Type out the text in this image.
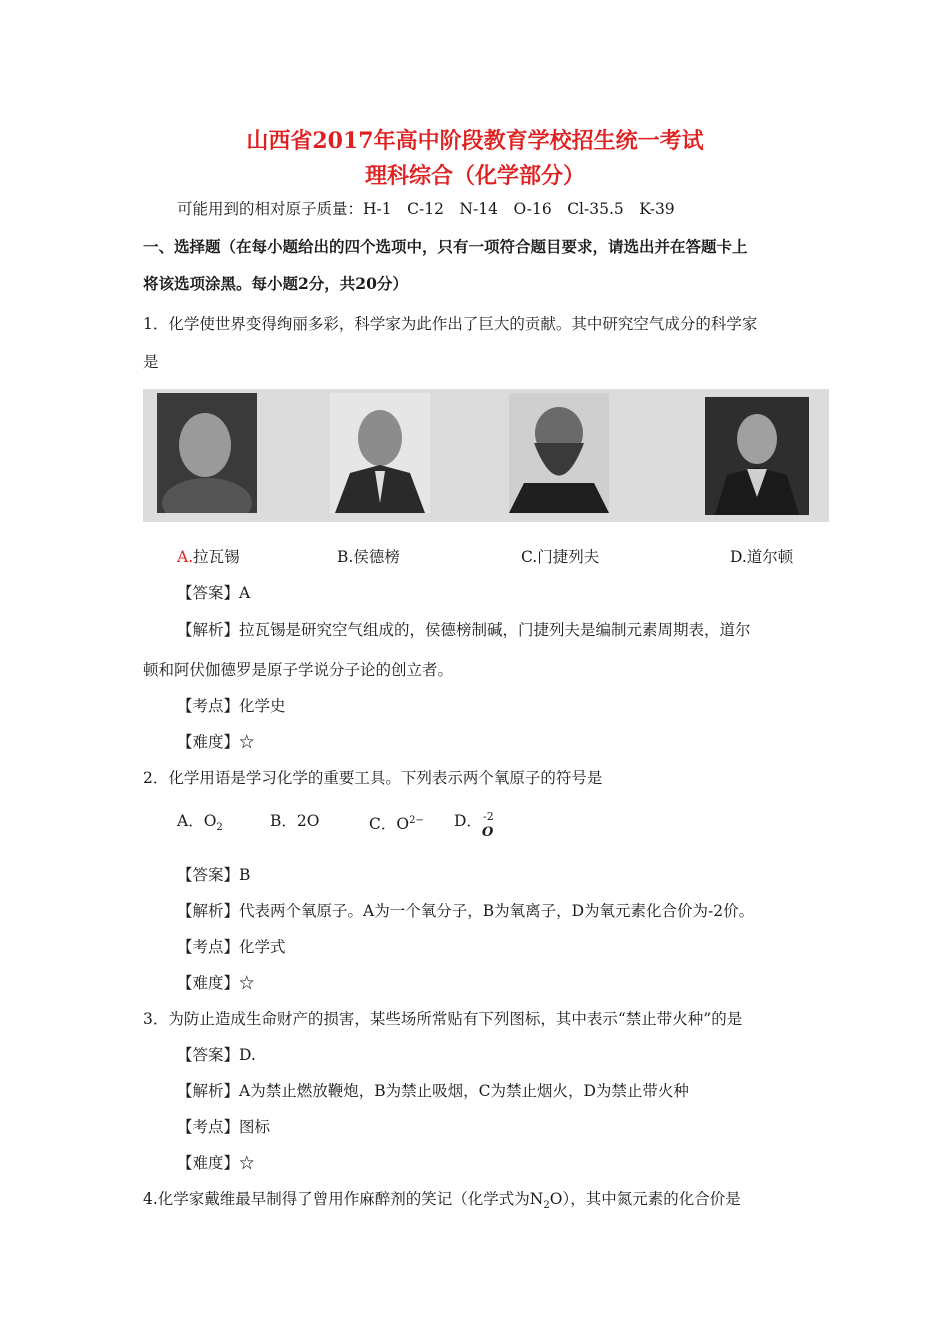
山西省2017年高中阶段教育学校招生统一考试
理科综合（化学部分）
可能用到的相对原子质量：H-1　C-12　N-14　O-16　Cl-35.5　K-39
一、选择题（在每小题给出的四个选项中，只有一项符合题目要求，请选出并在答题卡上
将该选项涂黑。每小题2分，共20分）
1．化学使世界变得绚丽多彩，科学家为此作出了巨大的贡献。其中研究空气成分的科学家
是
A.拉瓦锡	B.侯德榜	C.门捷列夫	D.道尔顿
【答案】A
【解析】拉瓦锡是研究空气组成的，侯德榜制碱，门捷列夫是编制元素周期表，道尔
顿和阿伏伽德罗是原子学说分子论的创立者。
【考点】化学史
【难度】☆
2．化学用语是学习化学的重要工具。下列表示两个氧原子的符号是
A．$O_2$	B．2O	C．$O^{2-}$ D． -2
O
【答案】B
【解析】代表两个氧原子。A为一个氧分子，B为氧离子，D为氧元素化合价为-2价。
【考点】化学式
【难度】☆
3．为防止造成生命财产的损害，某些场所常贴有下列图标，其中表示“禁止带火种”的是
【答案】D.
【解析】A为禁止燃放鞭炮，B为禁止吸烟，C为禁止烟火，D为禁止带火种
【考点】图标
【难度】☆
4.化学家戴维最早制得了曾用作麻醉剂的笑记（化学式为$N_2O$），其中氮元素的化合价是
